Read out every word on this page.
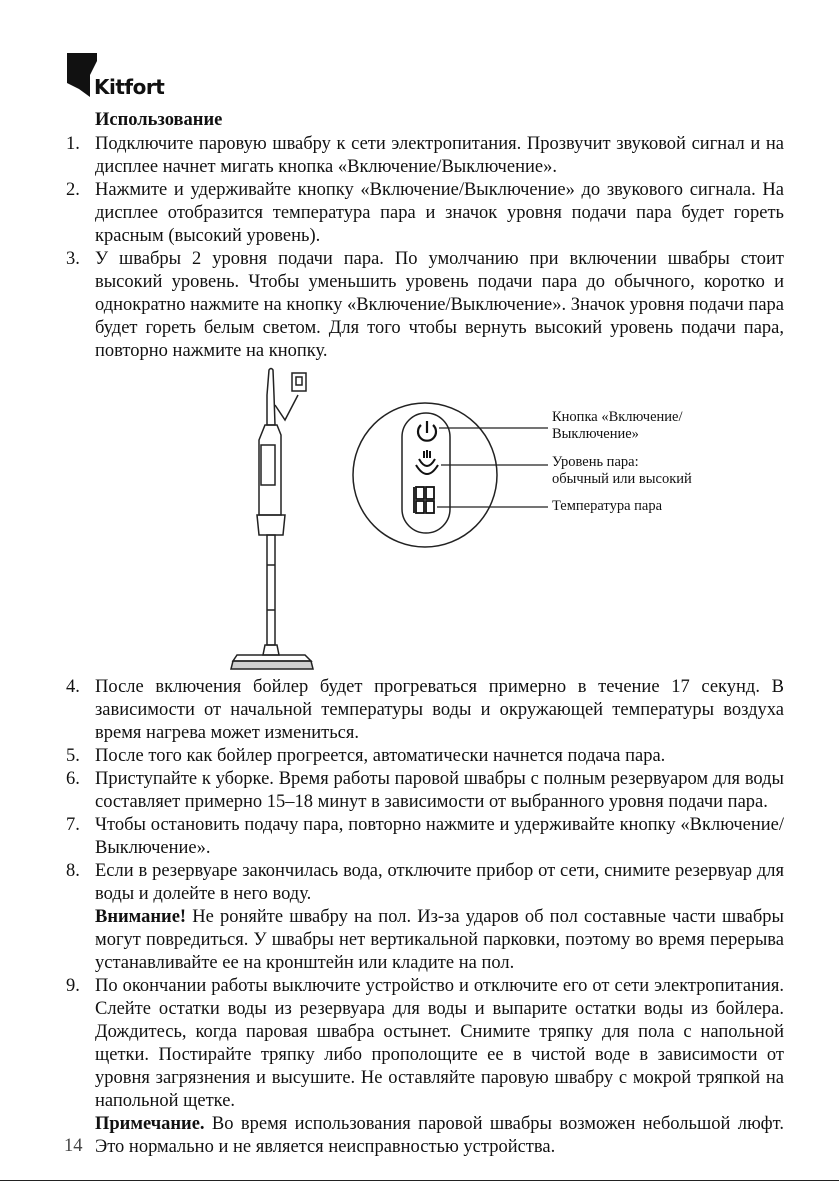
Kitfort
Использование
1. Подключите паровую швабру к сети электропитания. Прозвучит звуковой сигнал и на дисплее начнет мигать кнопка «Включение/Выключение».
2. Нажмите и удерживайте кнопку «Включение/Выключение» до звукового сигнала. На дисплее отобразится температура пара и значок уровня подачи пара будет гореть красным (высокий уровень).
3. У швабры 2 уровня подачи пара. По умолчанию при включении швабры стоит высокий уровень. Чтобы уменьшить уровень подачи пара до обычного, коротко и однократно нажмите на кнопку «Включение/Выключение». Значок уровня подачи пара будет гореть белым светом. Для того чтобы вернуть высокий уровень подачи пара, повторно нажмите на кнопку.
Кнопка «Включение/
Выключение»
Уровень пара:
обычный или высокий
Температура пара
4. После включения бойлер будет прогреваться примерно в течение 17 секунд. В зависимости от начальной температуры воды и окружающей температуры воздуха время нагрева может измениться.
5. После того как бойлер прогреется, автоматически начнется подача пара.
6. Приступайте к уборке. Время работы паровой швабры с полным резервуаром для воды составляет примерно 15–18 минут в зависимости от выбранного уровня подачи пара.
7. Чтобы остановить подачу пара, повторно нажмите и удерживайте кнопку «Включение/Выключение».
8. Если в резервуаре закончилась вода, отключите прибор от сети, снимите резервуар для воды и долейте в него воду.
Внимание! Не роняйте швабру на пол. Из-за ударов об пол составные части швабры могут повредиться. У швабры нет вертикальной парковки, поэтому во время перерыва устанавливайте ее на кронштейн или кладите на пол.
9. По окончании работы выключите устройство и отключите его от сети электропитания. Слейте остатки воды из резервуара для воды и выпарите остатки воды из бойлера. Дождитесь, когда паровая швабра остынет. Снимите тряпку для пола с напольной щетки. Постирайте тряпку либо прополощите ее в чистой воде в зависимости от уровня загрязнения и высушите. Не оставляйте паровую швабру с мокрой тряпкой на напольной щетке.
Примечание. Во время использования паровой швабры возможен небольшой люфт. Это нормально и не является неисправностью устройства.
14
